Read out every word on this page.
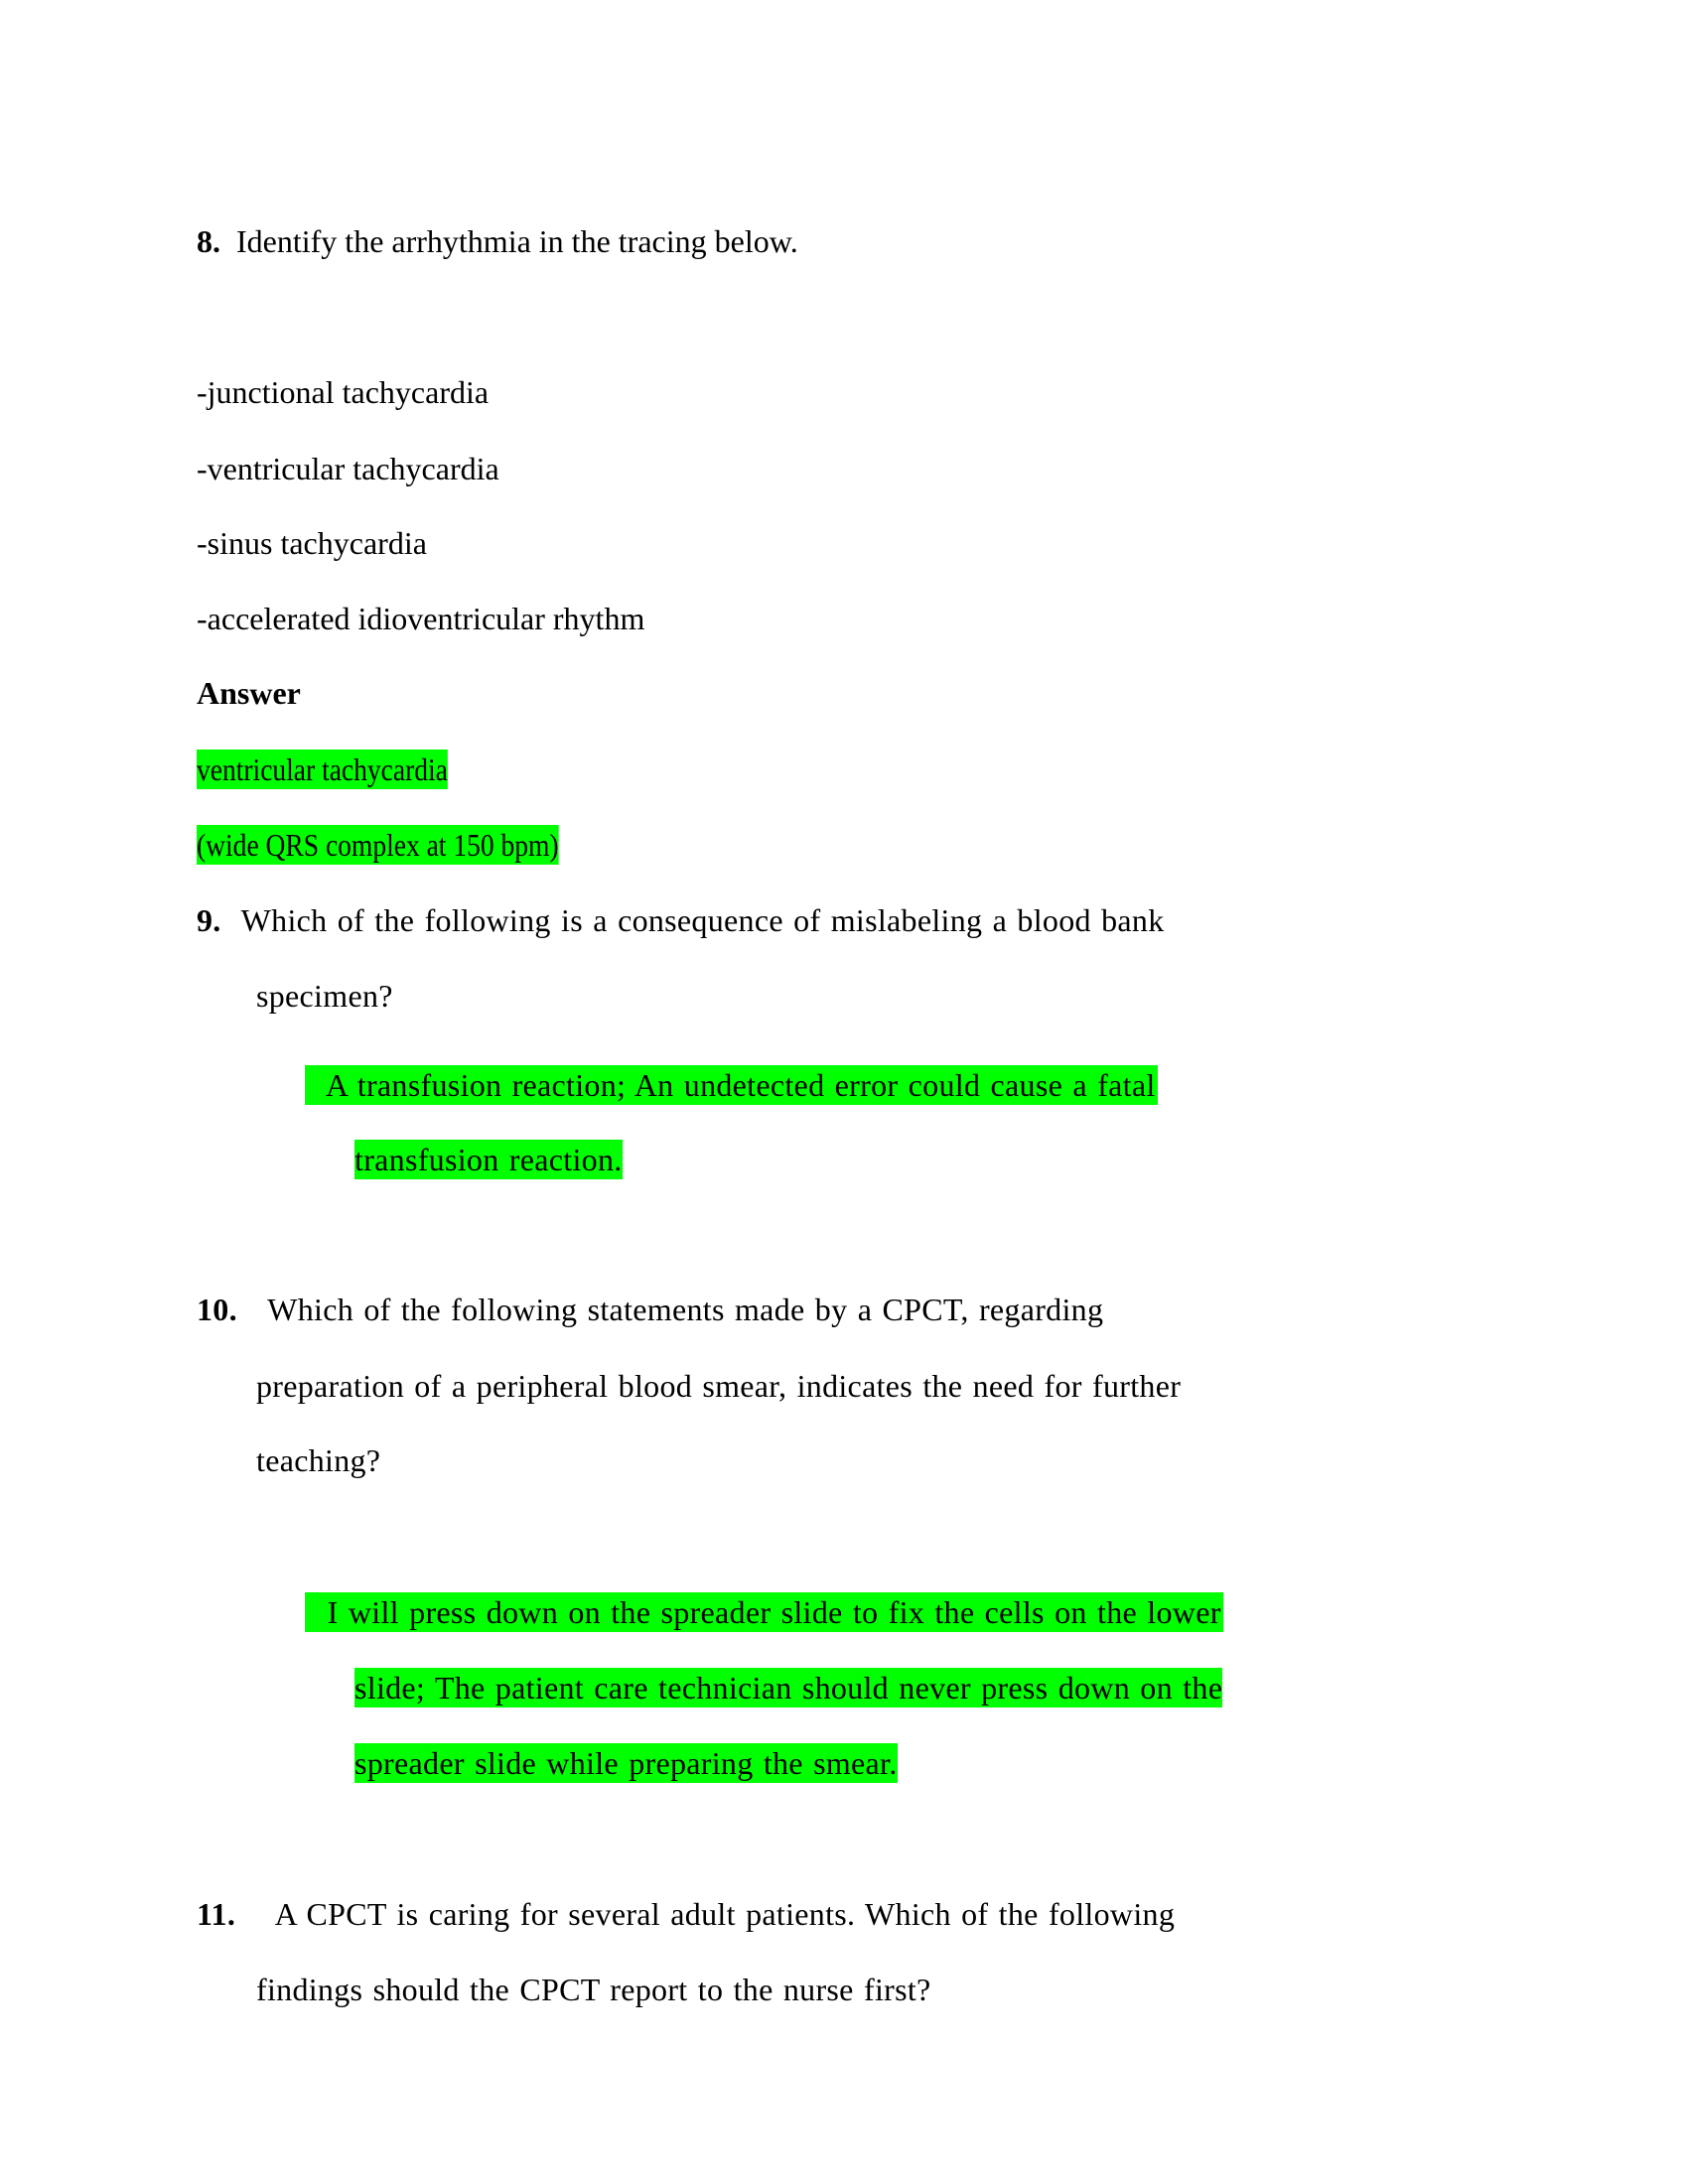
8. Identify the arrhythmia in the tracing below.
-junctional tachycardia
-ventricular tachycardia
-sinus tachycardia
-accelerated idioventricular rhythm
Answer
ventricular tachycardia
(wide QRS complex at 150 bpm)
9. Which of the following is a consequence of mislabeling a blood bank
specimen?
A transfusion reaction; An undetected error could cause a fatal
transfusion reaction.
10. Which of the following statements made by a CPCT, regarding
preparation of a peripheral blood smear, indicates the need for further
teaching?
I will press down on the spreader slide to fix the cells on the lower
slide; The patient care technician should never press down on the
spreader slide while preparing the smear.
11. A CPCT is caring for several adult patients. Which of the following
findings should the CPCT report to the nurse first?
